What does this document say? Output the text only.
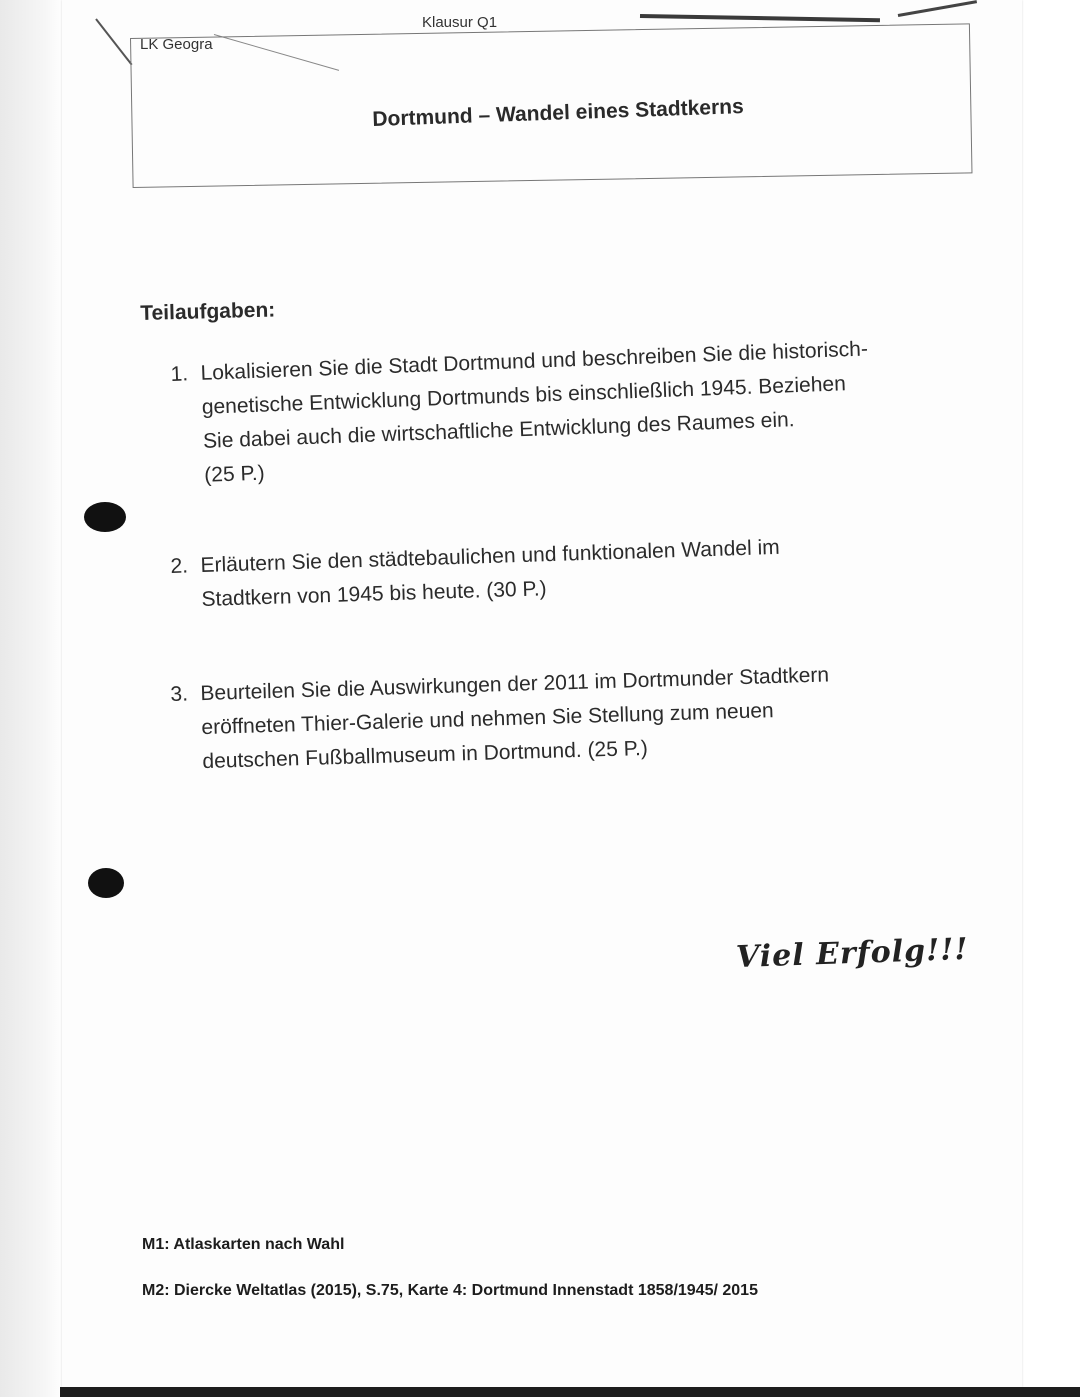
LK Geogra
Klausur Q1
Dortmund – Wandel eines Stadtkerns
Teilaufgaben:
1. Lokalisieren Sie die Stadt Dortmund und beschreiben Sie die historisch-
genetische Entwicklung Dortmunds bis einschließlich 1945. Beziehen
Sie dabei auch die wirtschaftliche Entwicklung des Raumes ein.
(25 P.)
2. Erläutern Sie den städtebaulichen und funktionalen Wandel im
Stadtkern von 1945 bis heute. (30 P.)
3. Beurteilen Sie die Auswirkungen der 2011 im Dortmunder Stadtkern
eröffneten Thier-Galerie und nehmen Sie Stellung zum neuen
deutschen Fußballmuseum in Dortmund. (25 P.)
Viel Erfolg!!!
M1: Atlaskarten nach Wahl
M2: Diercke Weltatlas (2015), S.75, Karte 4: Dortmund Innenstadt 1858/1945/ 2015
